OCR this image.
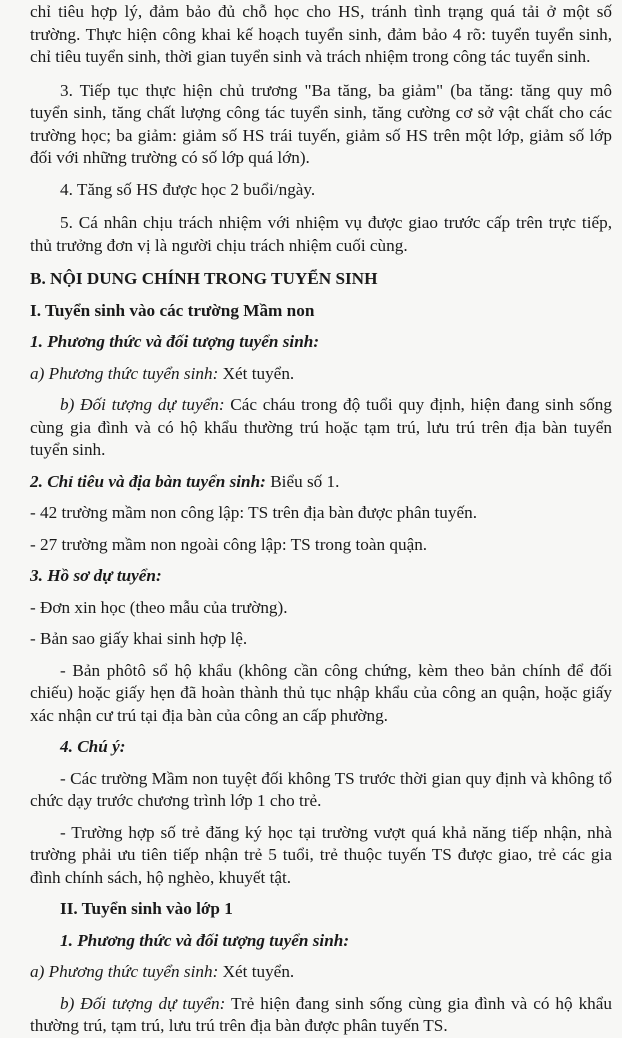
chỉ tiêu hợp lý, đảm bảo đủ chỗ học cho HS, tránh tình trạng quá tải ở một số trường. Thực hiện công khai kế hoạch tuyển sinh, đảm bảo 4 rõ: tuyển tuyển sinh, chỉ tiêu tuyển sinh, thời gian tuyển sinh và trách nhiệm trong công tác tuyển sinh.

3. Tiếp tục thực hiện chủ trương "Ba tăng, ba giảm" (ba tăng: tăng quy mô tuyển sinh, tăng chất lượng công tác tuyển sinh, tăng cường cơ sở vật chất cho các trường học; ba giảm: giảm số HS trái tuyến, giảm số HS trên một lớp, giảm số lớp đối với những trường có số lớp quá lớn).

4. Tăng số HS được học 2 buổi/ngày.

5. Cá nhân chịu trách nhiệm với nhiệm vụ được giao trước cấp trên trực tiếp, thủ trưởng đơn vị là người chịu trách nhiệm cuối cùng.

B. NỘI DUNG CHÍNH TRONG TUYỂN SINH

I. Tuyển sinh vào các trường Mầm non

1. Phương thức và đối tượng tuyển sinh:

a) Phương thức tuyển sinh: Xét tuyển.

b) Đối tượng dự tuyển: Các cháu trong độ tuổi quy định, hiện đang sinh sống cùng gia đình và có hộ khẩu thường trú hoặc tạm trú, lưu trú trên địa bàn tuyển tuyển sinh.

2. Chỉ tiêu và địa bàn tuyển sinh: Biểu số 1.

- 42 trường mầm non công lập: TS trên địa bàn được phân tuyến.

- 27 trường mầm non ngoài công lập: TS trong toàn quận.

3. Hồ sơ dự tuyển:

- Đơn xin học (theo mẫu của trường).

- Bản sao giấy khai sinh hợp lệ.

- Bản phôtô sổ hộ khẩu (không cần công chứng, kèm theo bản chính để đối chiếu) hoặc giấy hẹn đã hoàn thành thủ tục nhập khẩu của công an quận, hoặc giấy xác nhận cư trú tại địa bàn của công an cấp phường.

4. Chú ý:

- Các trường Mầm non tuyệt đối không TS trước thời gian quy định và không tổ chức dạy trước chương trình lớp 1 cho trẻ.

- Trường hợp số trẻ đăng ký học tại trường vượt quá khả năng tiếp nhận, nhà trường phải ưu tiên tiếp nhận trẻ 5 tuổi, trẻ thuộc tuyến TS được giao, trẻ các gia đình chính sách, hộ nghèo, khuyết tật.

II. Tuyển sinh vào lớp 1

1. Phương thức và đối tượng tuyển sinh:

a) Phương thức tuyển sinh: Xét tuyển.

b) Đối tượng dự tuyển: Trẻ hiện đang sinh sống cùng gia đình và có hộ khẩu thường trú, tạm trú, lưu trú trên địa bàn được phân tuyến TS.
